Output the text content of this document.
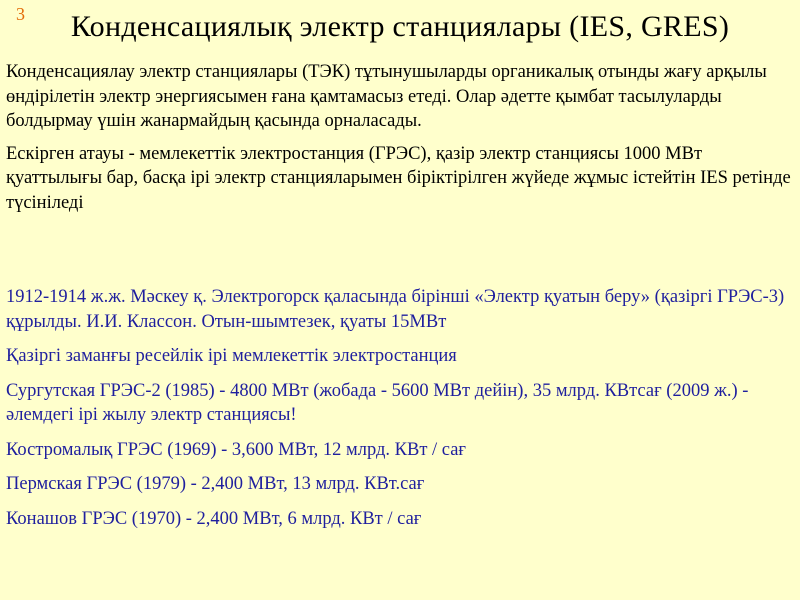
3	Конденсациялық электр станциялары (IES, GRES)

Конденсациялау электр станциялары (ТЭК) тұтынушыларды органикалық отынды жағу арқылы өндірілетін электр энергиясымен ғана қамтамасыз етеді. Олар әдетте қымбат тасылуларды болдырмау үшін жанармайдың қасында орналасады.

Ескірген атауы - мемлекеттік электростанция (ГРЭС), қазір электр станциясы 1000 МВт қуаттылығы бар, басқа ірі электр станцияларымен біріктірілген жүйеде жұмыс істейтін IES ретінде түсініледі

1912-1914 ж.ж. Мәскеу қ. Электрогорск қаласында бірінші «Электр қуатын беру» (қазіргі ГРЭС-3) құрылды. И.И. Классон. Отын-шымтезек, қуаты 15МВт

Қазіргі заманғы ресейлік ірі мемлекеттік электростанция

Сургутская ГРЭС-2 (1985) - 4800 МВт (жобада - 5600 МВт дейін), 35 млрд. КВтсағ (2009 ж.) - әлемдегі ірі жылу электр станциясы!

Костромалық ГРЭС (1969) - 3,600 МВт, 12 млрд. КВт / сағ

Пермская ГРЭС (1979) - 2,400 МВт, 13 млрд. КВт.сағ

Конашов ГРЭС (1970) - 2,400 МВт, 6 млрд. КВт / сағ
